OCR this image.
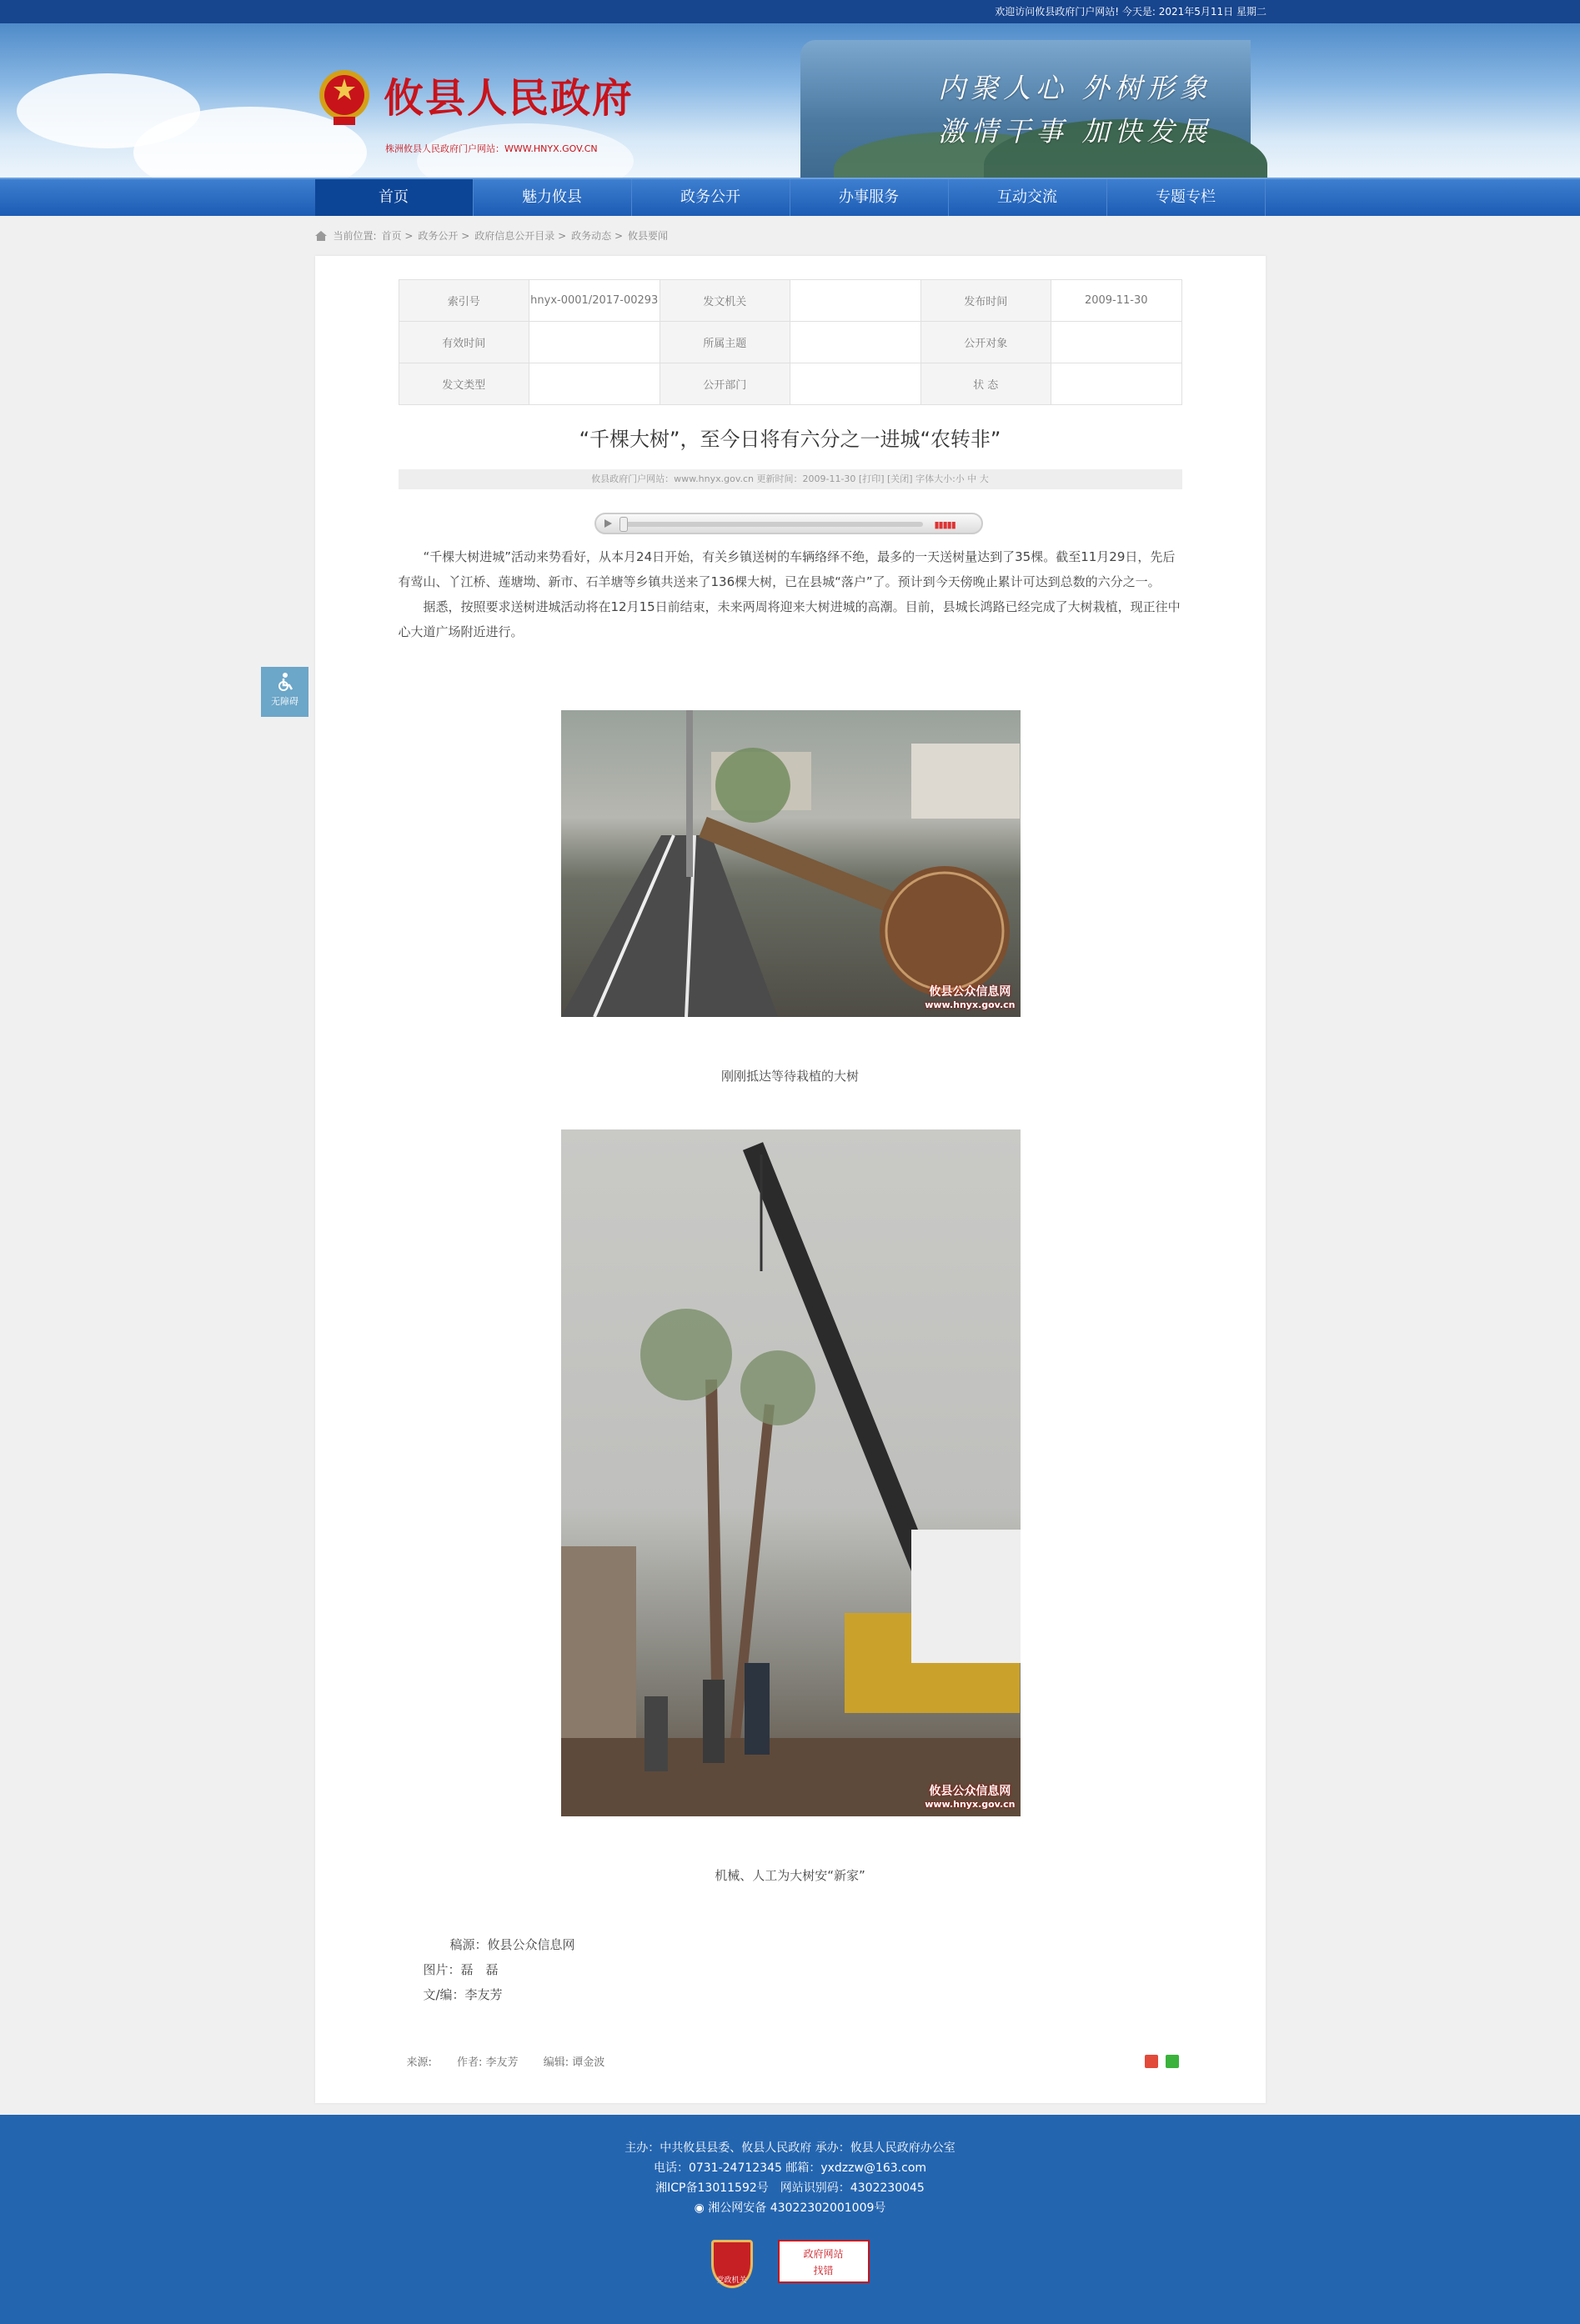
欢迎访问攸县政府门户网站! 今天是: 2021年5月11日 星期二
攸县人民政府
株洲攸县人民政府门户网站：WWW.HNYX.GOV.CN
内聚人心 外树形象
激情干事 加快发展
首页	魅力攸县	政务公开	办事服务	互动交流	专题专栏
当前位置: 首页 > 政务公开 > 政府信息公开目录 > 政务动态 > 攸县要闻
索引号	hnyx-0001/2017-00293	发文机关		发布时间	2009-11-30
有效时间		所属主题		公开对象	
发文类型		公开部门		状 态	
“千棵大树”，至今日将有六分之一进城“农转非”
攸县政府门户网站：www.hnyx.gov.cn 更新时间：2009-11-30 [打印] [关闭] 字体大小:小 中 大
▮▮▮▮▮

“千棵大树进城”活动来势看好，从本月24日开始，有关乡镇送树的车辆络绎不绝，最多的一天送树量达到了35棵。截至11月29日，先后有莺山、丫江桥、莲塘坳、新市、石羊塘等乡镇共送来了136棵大树，已在县城“落户”了。预计到今天傍晚止累计可达到总数的六分之一。

据悉，按照要求送树进城活动将在12月15日前结束，未来两周将迎来大树进城的高潮。目前，县城长鸿路已经完成了大树栽植，现正往中心大道广场附近进行。

攸县公众信息网
www.hnyx.gov.cn
刚刚抵达等待栽植的大树
攸县公众信息网
www.hnyx.gov.cn
机械、人工为大树安“新家”
稿源：攸县公众信息网
图片：磊　磊
文/编：李友芳
来源: 作者: 李友芳 编辑: 谭金波
无障碍
主办：中共攸县县委、攸县人民政府 承办：攸县人民政府办公室
电话：0731-24712345 邮箱：yxdzzw@163.com
湘ICP备13011592号　网站识别码：4302230045
◉ 湘公网安备 43022302001009号
党政机关
政府网站
找错
